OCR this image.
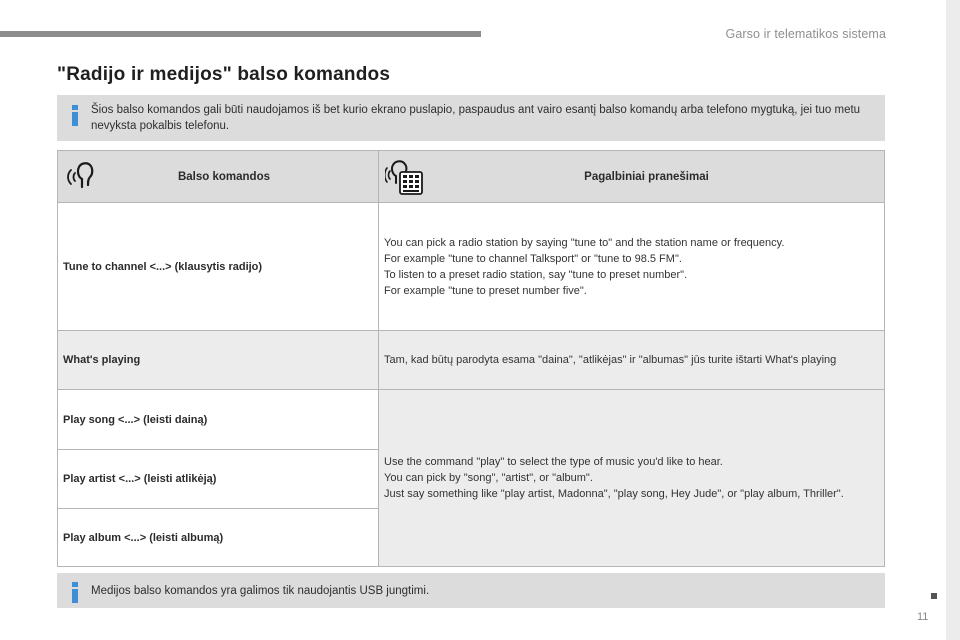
Garso ir telematikos sistema
11
"Radijo ir medijos" balso komandos
Šios balso komandos gali būti naudojamos iš bet kurio ekrano puslapio, paspaudus ant vairo esantį balso komandų arba telefono mygtuką, jei tuo metu nevyksta pokalbis telefonu.
Balso komandos	Pagalbiniai pranešimai
Tune to channel <...> (klausytis radijo)	You can pick a radio station by saying "tune to" and the station name or frequency.
For example "tune to channel Talksport" or "tune to 98.5 FM".
To listen to a preset radio station, say "tune to preset number".
For example "tune to preset number five".

What's playing	Tam, kad būtų parodyta esama "daina", "atlikėjas" ir "albumas" jūs turite ištarti What's playing

Play song <...> (leisti dainą)	Use the command "play" to select the type of music you'd like to hear.
You can pick by "song", "artist", or "album".
Just say something like "play artist, Madonna", "play song, Hey Jude", or "play album, Thriller".

Play artist <...> (leisti atlikėją)	
Play album <...> (leisti albumą)	
Medijos balso komandos yra galimos tik naudojantis USB jungtimi.
